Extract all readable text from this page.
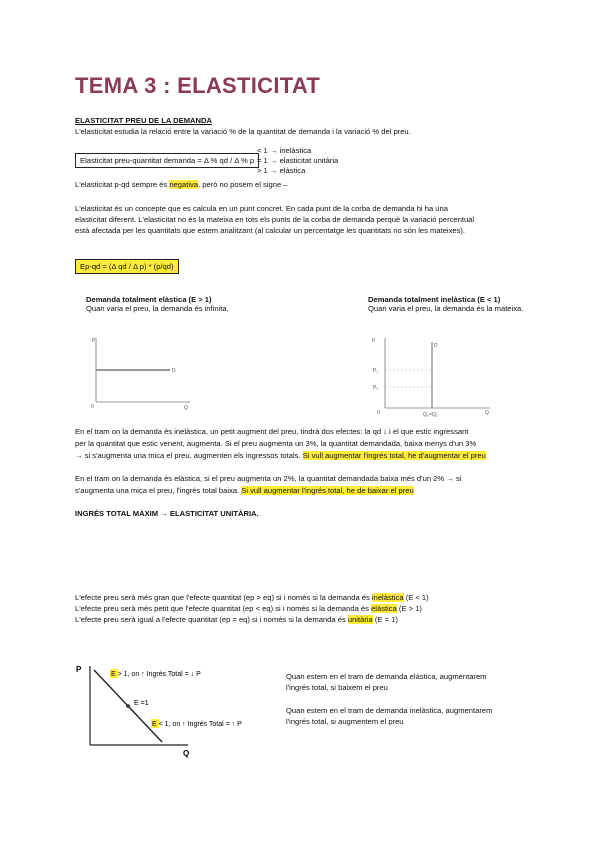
TEMA 3 : ELASTICITAT
ELASTICITAT PREU DE LA DEMANDA
L'elasticitat estudia la relació entre la variació % de la quantitat de demanda i la variació % del preu.
Elasticitat preu-quantitat demanda = Δ % qd / Δ % p
< 1 → inelàstica
= 1 → elasticitat unitària
> 1 → elàstica
L'elasticitat p-qd sempre és negativa, però no posem el signe –
L'elasticitat és un concepte que es calcula en un punt concret. En cada punt de la corba de demanda hi ha una
elasticitat diferent. L'elasticitat no és la mateixa en tots els punts de la corba de demanda perquè la variació percentual
està afectada per les quantitats que estem analitzant (al calcular un percentatge les quantitats no són les mateixes).
Ep-qd = (Δ qd / Δ p) * (p/qd)
Demanda totalment elàstica (E > 1)
Quan varia el preu, la demanda és infinita.
Demanda totalment inelàstica (E < 1)
Quan varia el preu, la demanda és la mateixa.
P
Q
0
D
P
Q
0
D
P₁
P₀
Q₀=Q₁
En el tram on la demanda és inelàstica, un petit augment del preu, tindrà dos efectes: la qd ↓ i el que estic ingressant
per la quantitat que estic venent, augmenta. Si el preu augmenta un 3%, la quantitat demandada, baixa menys d'un 3%
→ si s'augmenta una mica el preu, augmenten els ingressos totals. Si vull augmentar l'ingrés total, he d'augmentar el preu
En el tram on la demanda és elàstica, si el preu augmenta un 2%, la quantitat demandada baixa més d'un 2% → si
s'augmenta una mica el preu, l'ingrés total baixa. Si vull augmentar l'ingrés total, he de baixar el preu
INGRÉS TOTAL MÀXIM → ELASTICITAT UNITÀRIA.
L'efecte preu serà més gran que l'efecte quantitat (ep > eq) si i només si la demanda és inelàstica (E < 1)
L'efecte preu serà més petit que l'efecte quantitat (ep < eq) si i només si la demanda és elàstica (E > 1)
L'efecte preu serà igual a l'efecte quantitat (ep = eq) si i només si la demanda és unitària (E = 1)
P
Q
E > 1, on ↑ Ingrés Total = ↓ P
E =1
E < 1, on ↑ Ingrés Total = ↑ P
Quan estem en el tram de demanda elàstica, augmentarem
l'ingrés total, si baixem el preu
Quan estem en el tram de demanda inelàstica, augmentarem
l'ingrés total, si augmentem el preu
